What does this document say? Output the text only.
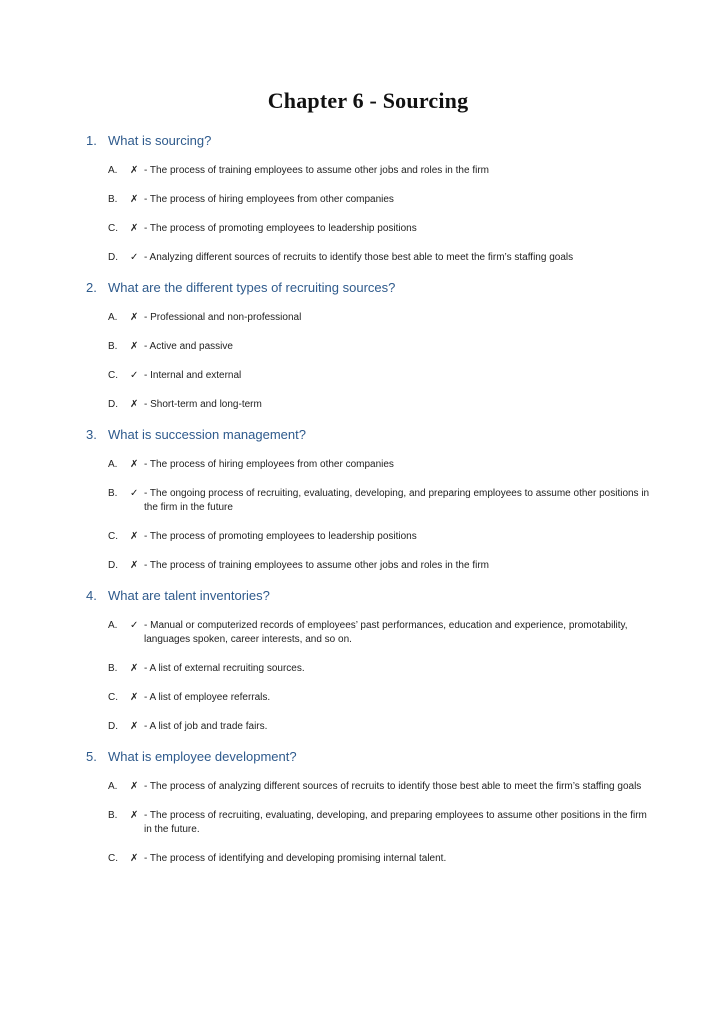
Chapter 6 - Sourcing
1. What is sourcing?
A.	✗ - The process of training employees to assume other jobs and roles in the firm
B.	✗ - The process of hiring employees from other companies
C.	✗ - The process of promoting employees to leadership positions
D.	✓ - Analyzing different sources of recruits to identify those best able to meet the firm’s staffing goals
2. What are the different types of recruiting sources?
A.	✗ - Professional and non-professional
B.	✗ - Active and passive
C.	✓ - Internal and external
D.	✗ - Short-term and long-term
3. What is succession management?
A.	✗ - The process of hiring employees from other companies
B.	✓ - The ongoing process of recruiting, evaluating, developing, and preparing employees to assume other positions in the firm in the future
C.	✗ - The process of promoting employees to leadership positions
D.	✗ - The process of training employees to assume other jobs and roles in the firm
4. What are talent inventories?
A.	✓ - Manual or computerized records of employees’ past performances, education and experience, promotability, languages spoken, career interests, and so on.
B.	✗ - A list of external recruiting sources.
C.	✗ - A list of employee referrals.
D.	✗ - A list of job and trade fairs.
5. What is employee development?
A.	✗ - The process of analyzing different sources of recruits to identify those best able to meet the firm’s staffing goals
B.	✗ - The process of recruiting, evaluating, developing, and preparing employees to assume other positions in the firm in the future.
C.	✗ - The process of identifying and developing promising internal talent.
